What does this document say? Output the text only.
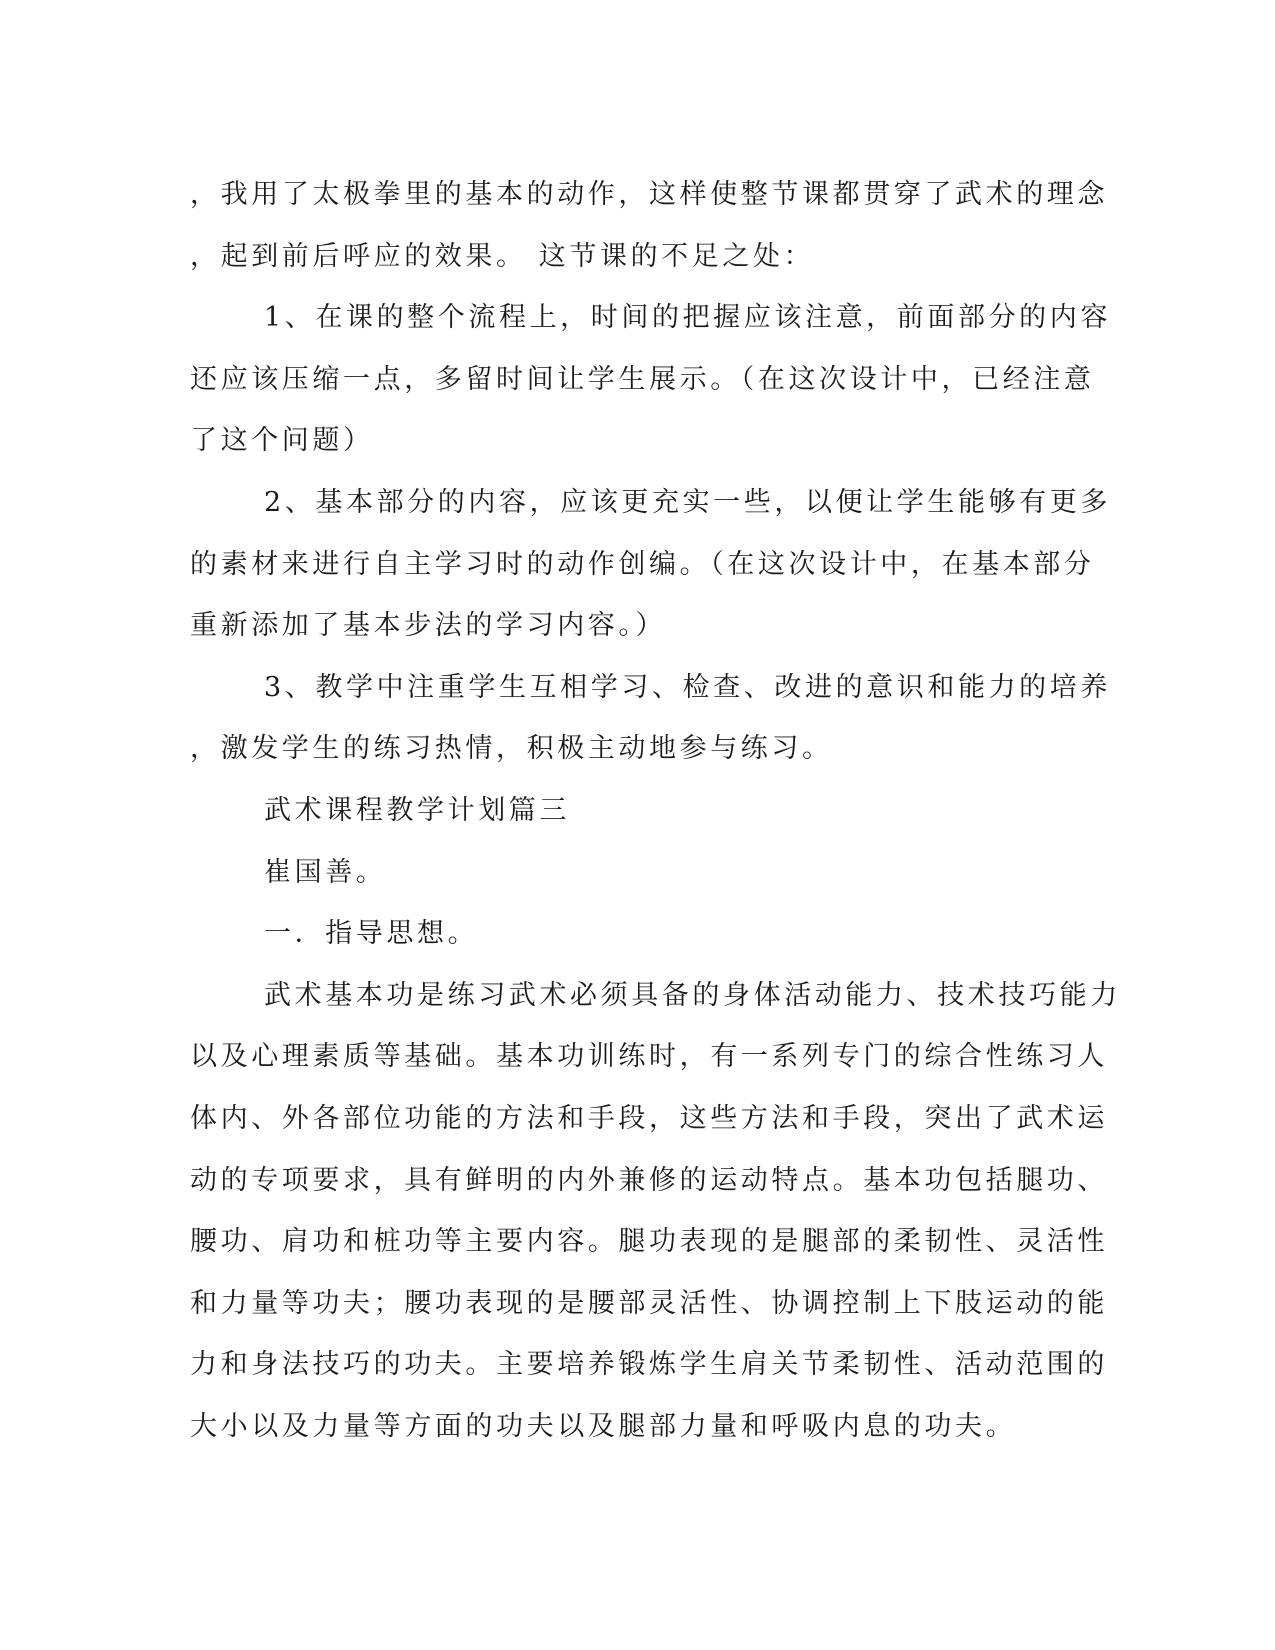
，我用了太极拳里的基本的动作，这样使整节课都贯穿了武术的理念
，起到前后呼应的效果。 这节课的不足之处：
1、在课的整个流程上，时间的把握应该注意，前面部分的内容
还应该压缩一点，多留时间让学生展示。（在这次设计中，已经注意
了这个问题）
2、基本部分的内容，应该更充实一些，以便让学生能够有更多
的素材来进行自主学习时的动作创编。（在这次设计中，在基本部分
重新添加了基本步法的学习内容。）
3、教学中注重学生互相学习、检查、改进的意识和能力的培养
，激发学生的练习热情，积极主动地参与练习。
武术课程教学计划篇三
崔国善。
一．指导思想。
武术基本功是练习武术必须具备的身体活动能力、技术技巧能力
以及心理素质等基础。基本功训练时，有一系列专门的综合性练习人
体内、外各部位功能的方法和手段，这些方法和手段，突出了武术运
动的专项要求，具有鲜明的内外兼修的运动特点。基本功包括腿功、
腰功、肩功和桩功等主要内容。腿功表现的是腿部的柔韧性、灵活性
和力量等功夫；腰功表现的是腰部灵活性、协调控制上下肢运动的能
力和身法技巧的功夫。主要培养锻炼学生肩关节柔韧性、活动范围的
大小以及力量等方面的功夫以及腿部力量和呼吸内息的功夫。
